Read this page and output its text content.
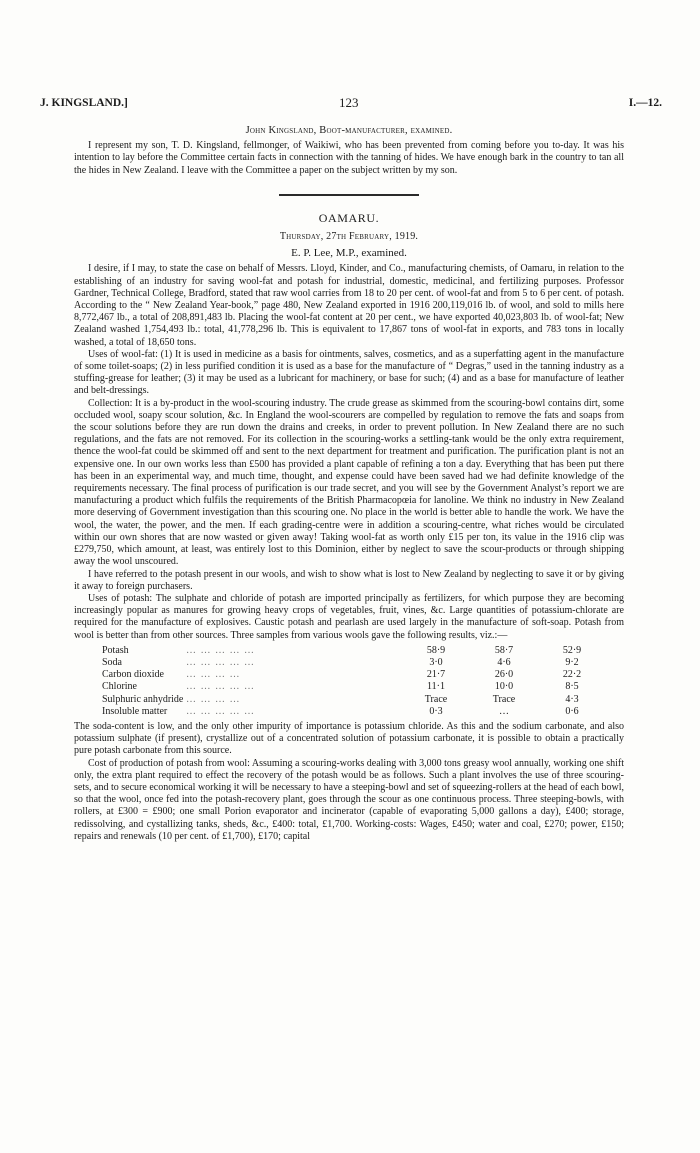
J. KINGSLAND.]	123	I.—12.

John Kingsland, Boot-manufacturer, examined.

I represent my son, T. D. Kingsland, fellmonger, of Waikiwi, who has been prevented from coming before you to-day. It was his intention to lay before the Committee certain facts in connection with the tanning of hides. We have enough bark in the country to tan all the hides in New Zealand. I leave with the Committee a paper on the subject written by my son.

OAMARU.

Thursday, 27th February, 1919.

E. P. Lee, M.P., examined.

I desire, if I may, to state the case on behalf of Messrs. Lloyd, Kinder, and Co., manufacturing chemists, of Oamaru, in relation to the establishing of an industry for saving wool-fat and potash for industrial, domestic, medicinal, and fertilizing purposes. Professor Gardner, Technical College, Bradford, stated that raw wool carries from 18 to 20 per cent. of wool-fat and from 5 to 6 per cent. of potash. According to the “ New Zealand Year-book,” page 480, New Zealand exported in 1916 200,119,016 lb. of wool, and sold to mills here 8,772,467 lb., a total of 208,891,483 lb. Placing the wool-fat content at 20 per cent., we have exported 40,023,803 lb. of wool-fat; New Zealand washed 1,754,493 lb.: total, 41,778,296 lb. This is equivalent to 17,867 tons of wool-fat in exports, and 783 tons in locally washed, a total of 18,650 tons.

Uses of wool-fat: (1) It is used in medicine as a basis for ointments, salves, cosmetics, and as a superfatting agent in the manufacture of some toilet-soaps; (2) in less purified condition it is used as a base for the manufacture of “ Degras,” used in the tanning industry as a stuffing-grease for leather; (3) it may be used as a lubricant for machinery, or base for such; (4) and as a base for manufacture of leather and belt-dressings.

Collection: It is a by-product in the wool-scouring industry. The crude grease as skimmed from the scouring-bowl contains dirt, some occluded wool, soapy scour solution, &c. In England the wool-scourers are compelled by regulation to remove the fats and soaps from the scour solutions before they are run down the drains and creeks, in order to prevent pollution. In New Zealand there are no such regulations, and the fats are not removed. For its collection in the scouring-works a settling-tank would be the only extra requirement, thence the wool-fat could be skimmed off and sent to the next department for treatment and purification. The purification plant is not an expensive one. In our own works less than £500 has provided a plant capable of refining a ton a day. Everything that has been put there has been in an experimental way, and much time, thought, and expense could have been saved had we had definite knowledge of the requirements necessary. The final process of purification is our trade secret, and you will see by the Government Analyst’s report we are manufacturing a product which fulfils the requirements of the British Pharmacopœia for lanoline. We think no industry in New Zealand more deserving of Government investigation than this scouring one. No place in the world is better able to handle the work. We have the wool, the water, the power, and the men. If each grading-centre were in addition a scouring-centre, what riches would be circulated within our own shores that are now wasted or given away! Taking wool-fat as worth only £15 per ton, its value in the 1916 clip was £279,750, which amount, at least, was entirely lost to this Dominion, either by neglect to save the scour-products or through shipping away the wool unscoured.

I have referred to the potash present in our wools, and wish to show what is lost to New Zealand by neglecting to save it or by giving it away to foreign purchasers.

Uses of potash: The sulphate and chloride of potash are imported principally as fertilizers, for which purpose they are becoming increasingly popular as manures for growing heavy crops of vegetables, fruit, vines, &c. Large quantities of potassium-chlorate are required for the manufacture of explosives. Caustic potash and pearlash are used largely in the manufacture of soft-soap. Potash from wool is better than from other sources. Three samples from various wools gave the following results, viz.:—

Potash	… … … … …	58·9	58·7	52·9
Soda	… … … … …	3·0	4·6	9·2
Carbon dioxide	… … … …	21·7	26·0	22·2
Chlorine	… … … … …	11·1	10·0	8·5
Sulphuric anhydride	… … … …	Trace	Trace	4·3
Insoluble matter	… … … … …	0·3	…	0·6

The soda-content is low, and the only other impurity of importance is potassium chloride. As this and the sodium carbonate, and also potassium sulphate (if present), crystallize out of a concentrated solution of potassium carbonate, it is possible to obtain a practically pure potash carbonate from this source.

Cost of production of potash from wool: Assuming a scouring-works dealing with 3,000 tons greasy wool annually, working one shift only, the extra plant required to effect the recovery of the potash would be as follows. Such a plant involves the use of three scouring-sets, and to secure economical working it will be necessary to have a steeping-bowl and set of squeezing-rollers at the head of each bowl, so that the wool, once fed into the potash-recovery plant, goes through the scour as one continuous process. Three steeping-bowls, with rollers, at £300 = £900; one small Porion evaporator and incinerator (capable of evaporating 5,000 gallons a day), £400; storage, redissolving, and cystallizing tanks, sheds, &c., £400: total, £1,700. Working-costs: Wages, £450; water and coal, £270; power, £150; repairs and renewals (10 per cent. of £1,700), £170; capital
